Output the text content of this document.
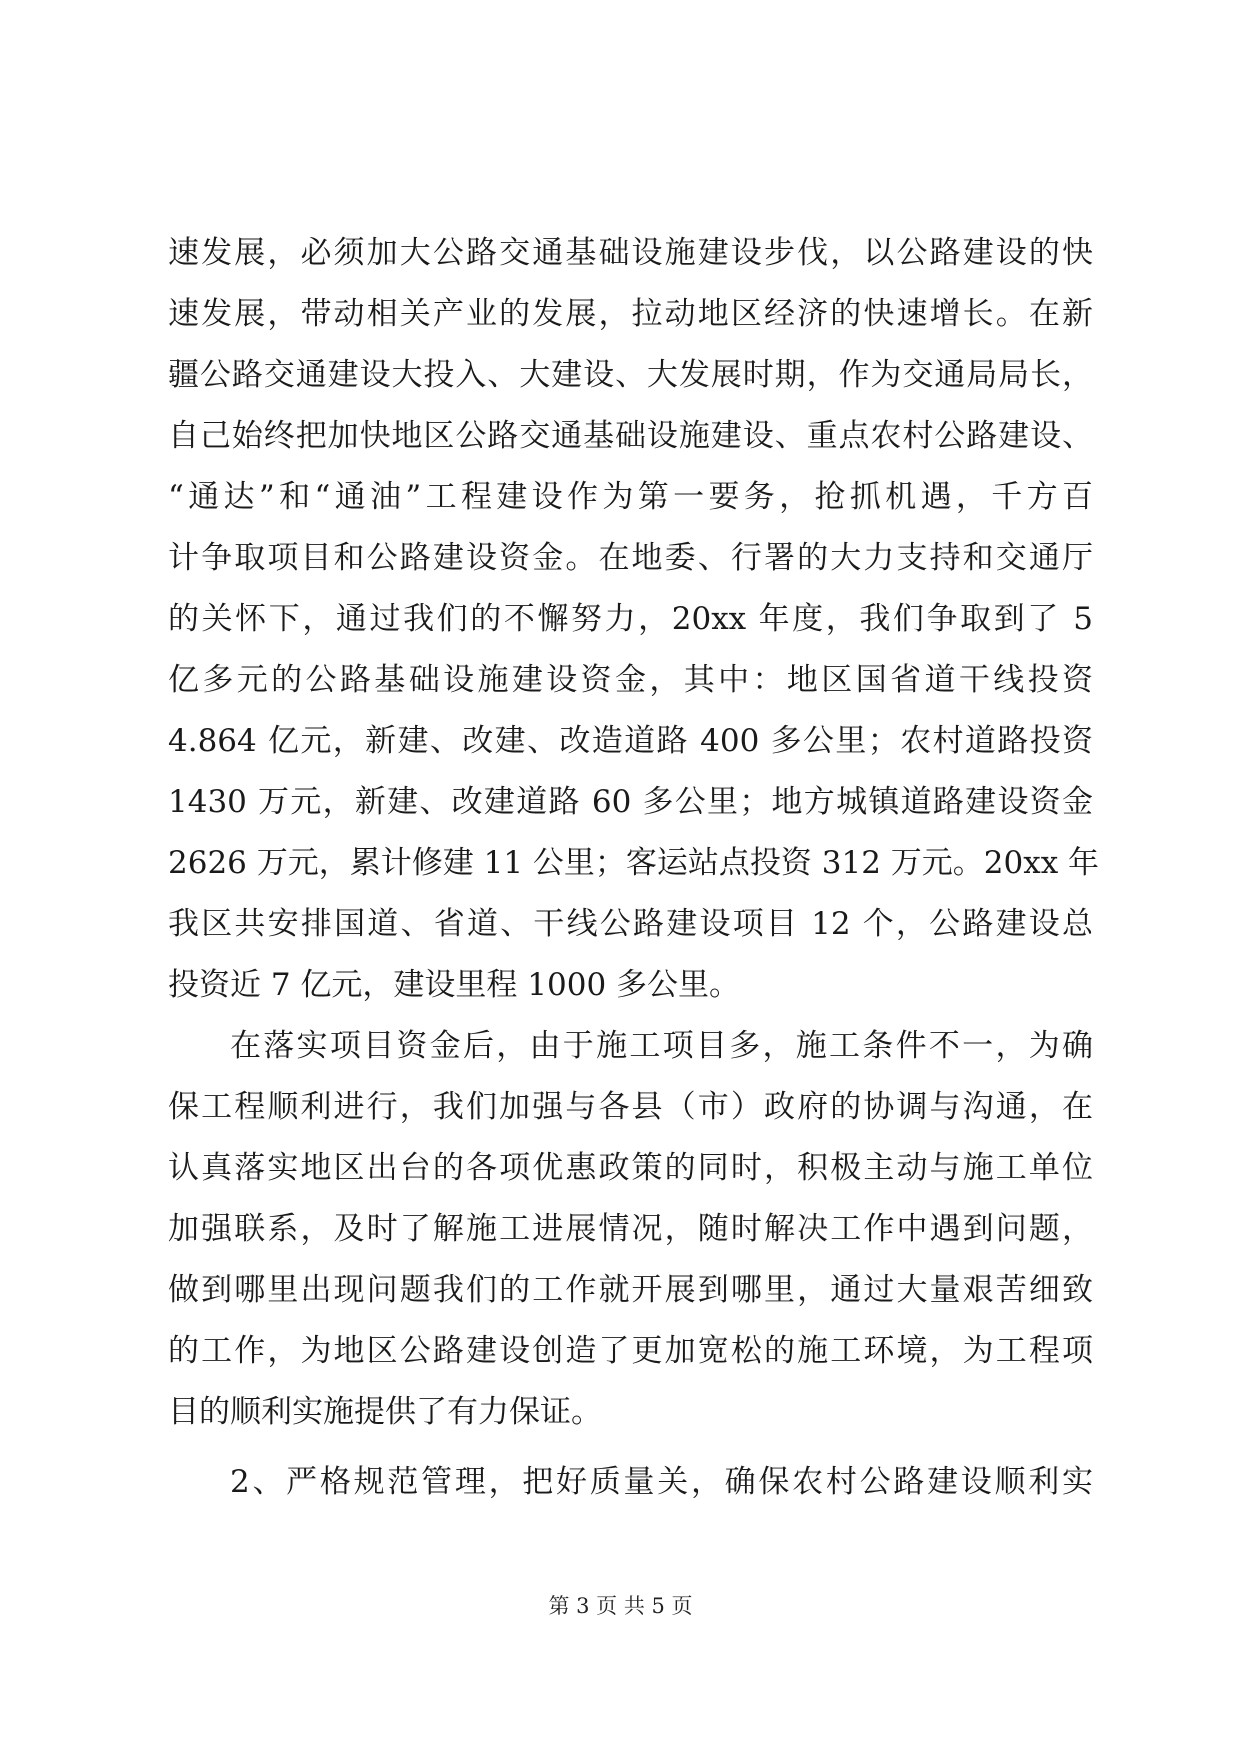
速发展，必须加大公路交通基础设施建设步伐，以公路建设的快
速发展，带动相关产业的发展，拉动地区经济的快速增长。在新
疆公路交通建设大投入、大建设、大发展时期，作为交通局局长，
自己始终把加快地区公路交通基础设施建设、重点农村公路建设、
“通达”和“通油”工程建设作为第一要务，抢抓机遇，千方百
计争取项目和公路建设资金。在地委、行署的大力支持和交通厅
的关怀下，通过我们的不懈努力，20xx 年度，我们争取到了 5
亿多元的公路基础设施建设资金，其中：地区国省道干线投资
4.864 亿元，新建、改建、改造道路 400 多公里；农村道路投资
1430 万元，新建、改建道路 60 多公里；地方城镇道路建设资金
2626 万元，累计修建 11 公里；客运站点投资 312 万元。20xx 年
我区共安排国道、省道、干线公路建设项目 12 个，公路建设总
投资近 7 亿元，建设里程 1000 多公里。
在落实项目资金后，由于施工项目多，施工条件不一，为确
保工程顺利进行，我们加强与各县（市）政府的协调与沟通，在
认真落实地区出台的各项优惠政策的同时，积极主动与施工单位
加强联系，及时了解施工进展情况，随时解决工作中遇到问题，
做到哪里出现问题我们的工作就开展到哪里，通过大量艰苦细致
的工作，为地区公路建设创造了更加宽松的施工环境，为工程项
目的顺利实施提供了有力保证。
2、严格规范管理，把好质量关，确保农村公路建设顺利实
第 3 页 共 5 页
